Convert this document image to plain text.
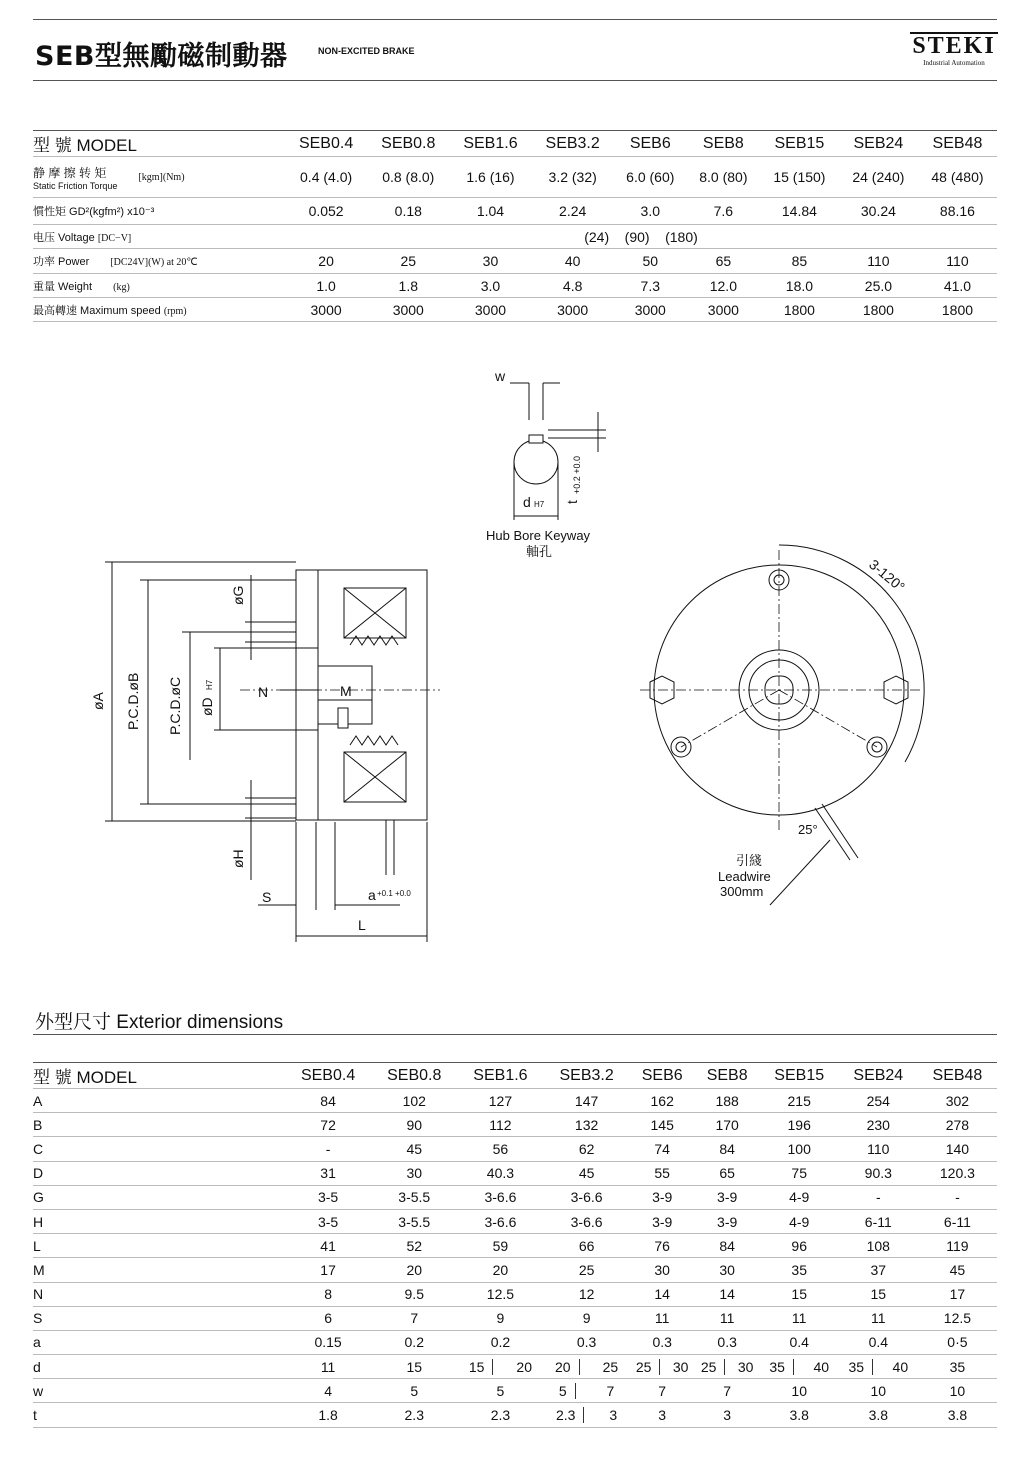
SEB型無勵磁制動器	NON-EXCITED BRAKE	STEKI
Industrial Automation
型 號 MODEL	SEB0.4	SEB0.8	SEB1.6	SEB3.2	SEB6	SEB8	SEB15	SEB24	SEB48

静 摩 擦 转 矩
Static Friction Torque
[kgm](Nm)	0.4 (4.0)	0.8 (8.0)	1.6 (16)	3.2 (32)	6.0 (60)	8.0 (80)	15 (150)	24 (240)	48 (480)
慣性矩 GD²(kgfm²) x10⁻³	0.052	0.18	1.04	2.24	3.0	7.6	14.84	30.24	88.16
电压 Voltage [DC−V]	(24)    (90)    (180)								
功率 Power [DC24V](W) at 20℃	20	25	30	40	50	65	85	110	110
重量 Weight (kg)	1.0	1.8	3.0	4.8	7.3	12.0	18.0	25.0	41.0
最高轉速 Maximum speed (rpm)	3000	3000	3000	3000	3000	3000	1800	1800	1800
w
d H7 t
+0.2 +0.0
Hub Bore Keyway
軸孔
øA P.C.D.øB P.C.D.øC øD
H7
øG
øH
N	M
S	a +0.1 +0.0
L
3-120°
25°
引綫
Leadwire
300mm
外型尺寸 Exterior dimensions
型 號 MODEL	SEB0.4	SEB0.8	SEB1.6	SEB3.2	SEB6	SEB8	SEB15	SEB24	SEB48
A	84	102	127	147	162	188	215	254	302
B	72	90	112	132	145	170	196	230	278
C	-	45	56	62	74	84	100	110	140
D	31	30	40.3	45	55	65	75	90.3	120.3
G	3-5	3-5.5	3-6.6	3-6.6	3-9	3-9	4-9	-	-
H	3-5	3-5.5	3-6.6	3-6.6	3-9	3-9	4-9	6-11	6-11
L	41	52	59	66	76	84	96	108	119
M	17	20	20	25	30	30	35	37	45
N	8	9.5	12.5	12	14	14	15	15	17
S	6	7	9	9	11	11	11	11	12.5
a	0.15	0.2	0.2	0.3	0.3	0.3	0.4	0.4	0·5
d	11	15	15 20	20 25	25 30	25 30	35 40	35 40	35
w	4	5	5	5 7	7	7	10	10	10
t	1.8	2.3	2.3	2.3 3	3	3	3.8	3.8	3.8
